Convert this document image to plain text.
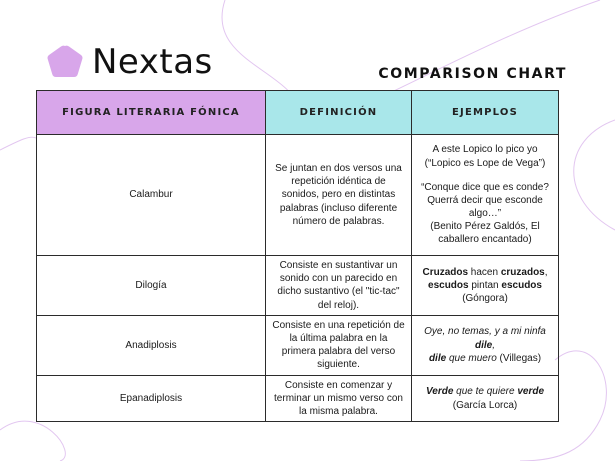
Nextas	COMPARISON CHART
FIGURA LITERARIA FÓNICA	DEFINICIÓN	EJEMPLOS
Calambur	Se juntan en dos versos una repetición idéntica de sonidos, pero en distintas palabras (incluso diferente número de palabras.	A este Lopico lo pico yo
(“Lopico es Lope de Vega”)
“Conque dice que es conde? Querrá decir que esconde algo…”
(Benito Pérez Galdós, El caballero encantado)
Dilogía	Consiste en sustantivar un sonido con un parecido en dicho sustantivo (el "tic-tac" del reloj).	Cruzados hacen cruzados,
escudos pintan escudos
(Góngora)
Anadiplosis	Consiste en una repetición de la última palabra en la primera palabra del verso siguiente.	Oye, no temas, y a mi ninfa
dile,
dile que muero (Villegas)
Epanadiplosis	Consiste en comenzar y terminar un mismo verso con la misma palabra.	Verde que te quiere verde
(García Lorca)
